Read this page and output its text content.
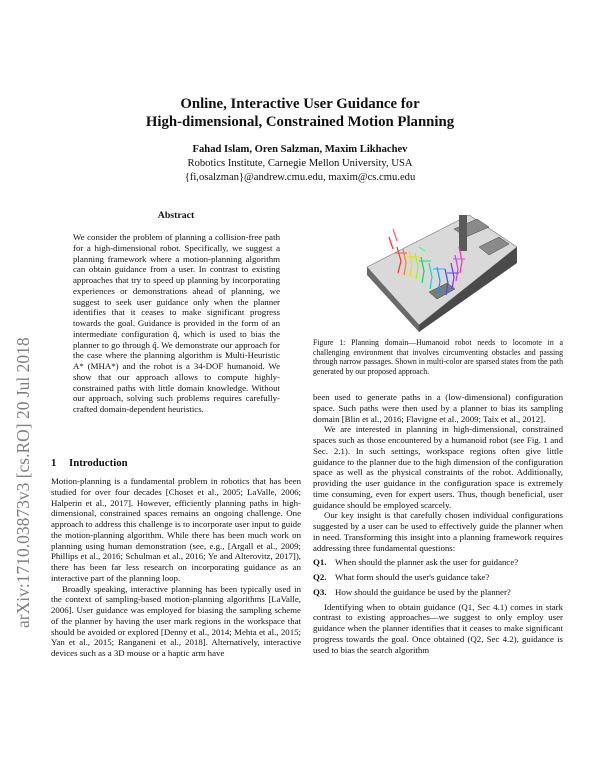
arXiv:1710.03873v3 [cs.RO] 20 Jul 2018
Online, Interactive User Guidance for
High-dimensional, Constrained Motion Planning
Fahad Islam, Oren Salzman, Maxim Likhachev
Robotics Institute, Carnegie Mellon University, USA
{fi,osalzman}@andrew.cmu.edu, maxim@cs.cmu.edu
Abstract

We consider the problem of planning a collision-free path for a high-dimensional robot. Specifically, we suggest a planning framework where a motion-planning algorithm can obtain guidance from a user. In contrast to existing approaches that try to speed up planning by incorporating experiences or demonstrations ahead of planning, we suggest to seek user guidance only when the planner identifies that it ceases to make significant progress towards the goal. Guidance is provided in the form of an intermediate configuration q̂, which is used to bias the planner to go through q̂. We demonstrate our approach for the case where the planning algorithm is Multi-Heuristic A* (MHA*) and the robot is a 34-DOF humanoid. We show that our approach allows to compute highly-constrained paths with little domain knowledge. Without our approach, solving such problems requires carefully-crafted domain-dependent heuristics.

1 Introduction

Motion-planning is a fundamental problem in robotics that has been studied for over four decades [Choset et al., 2005; LaValle, 2006; Halperin et al., 2017]. However, efficiently planning paths in high-dimensional, constrained spaces remains an ongoing challenge. One approach to address this challenge is to incorporate user input to guide the motion-planning algorithm. While there has been much work on planning using human demonstration (see, e.g., [Argall et al., 2009; Phillips et al., 2016; Schulman et al., 2016; Ye and Alterovitz, 2017]), there has been far less research on incorporating guidance as an interactive part of the planning loop.

Broadly speaking, interactive planning has been typically used in the context of sampling-based motion-planning algorithms [LaValle, 2006]. User guidance was employed for biasing the sampling scheme of the planner by having the user mark regions in the workspace that should be avoided or explored [Denny et al., 2014; Mehta et al., 2015; Yan et al., 2015; Ranganeni et al., 2018]. Alternatively, interactive devices such as a 3D mouse or a haptic arm have

Figure 1: Planning domain—Humanoid robot needs to locomote in a challenging environment that involves circumventing obstacles and passing through narrow passages. Shown in multi-color are sparsed states from the path generated by our proposed approach.

been used to generate paths in a (low-dimensional) configuration space. Such paths were then used by a planner to bias its sampling domain [Blin et al., 2016; Flavigne et al., 2009; Taïx et al., 2012].

We are interested in planning in high-dimensional, constrained spaces such as those encountered by a humanoid robot (see Fig. 1 and Sec. 2.1). In such settings, workspace regions often give little guidance to the planner due to the high dimension of the configuration space as well as the physical constraints of the robot. Additionally, providing the user guidance in the configuration space is extremely time consuming, even for expert users. Thus, though beneficial, user guidance should be employed scarcely.

Our key insight is that carefully chosen individual configurations suggested by a user can be used to effectively guide the planner when in need. Transforming this insight into a planning framework requires addressing three fundamental questions:

Q1. When should the planner ask the user for guidance?
Q2. What form should the user's guidance take?
Q3. How should the guidance be used by the planner?

Identifying when to obtain guidance (Q1, Sec 4.1) comes in stark contrast to existing approaches—we suggest to only employ user guidance when the planner identifies that it ceases to make significant progress towards the goal. Once obtained (Q2, Sec 4.2), guidance is used to bias the search algorithm
